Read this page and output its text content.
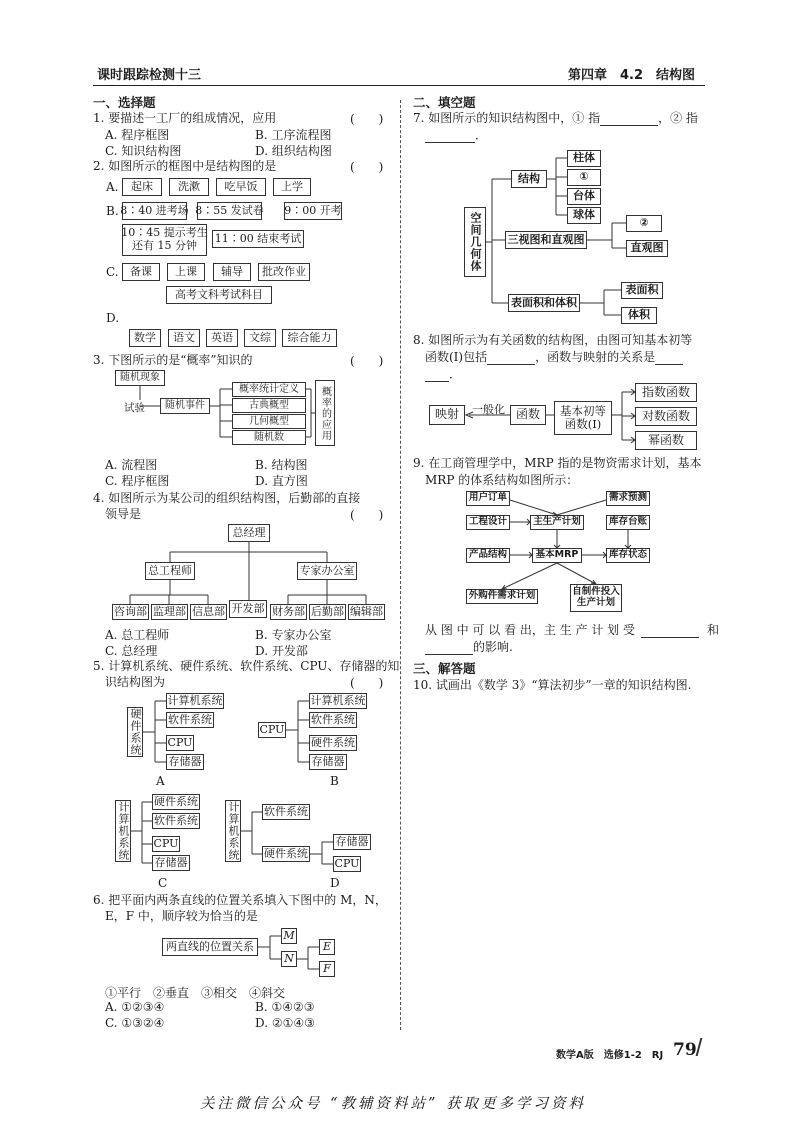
课时跟踪检测十三	第四章　4.2　结构图
一、选择题
1. 要描述一工厂的组成情况，应用	(　　)
A. 程序框图	B. 工序流程图
C. 知识结构图	D. 组织结构图
2. 如图所示的框图中是结构图的是	(　　)
A.	起床	洗漱	吃早饭	上学
B. 8∶40 进考场 8∶55 发试卷 9∶00 开考
10∶45 提示考生
还有 15 分钟
11∶00 结束考试
C.	备课	上课	辅导	批改作业
D.
高考文科考试科目
数学	语文	英语	文综	综合能力
3. 下图所示的是“概率”知识的	(　　)
随机现象
试验	随机事件
概率统计定义
古典概型
几何概型
随机数	概率的应用
A. 流程图	B. 结构图
C. 程序框图	D. 直方图
4. 如图所示为某公司的组织结构图，后勤部的直接
领导是	(　　)
总经理
总工程师	专家办公室
开发部
咨询部 监理部 信息部	财务部 后勤部 编辑部
A. 总工程师	B. 专家办公室
C. 总经理	D. 开发部
5. 计算机系统、硬件系统、软件系统、CPU、存储器的知
识结构图为	(　　)
硬件系统
计算机系统
软件系统
CPU
存储器
A
CPU
计算机系统
软件系统
硬件系统
存储器
B
计算机系统 硬件系统
软件系统
CPU
存储器
C
计算机系统 软件系统
硬件系统
存储器
CPU
D
6. 把平面内两条直线的位置关系填入下图中的 M，N，
E，F 中，顺序较为恰当的是
两直线的位置关系
M
N
E
F
①平行　②垂直　③相交　④斜交
A. ①②③④	B. ①④②③
C. ①③②④	D. ②①④③
二、填空题
7. 如图所示的知识结构图中，① 指	，② 指
．
空间几何体
结构
三视图和直观图
表面积和体积
柱体
①
台体
球体
②
直观图
表面积
体积
8. 如图所示为有关函数的结构图，由图可知基本初等
函数(Ⅰ)包括	，函数与映射的关系是
．
映射	一般化 函数	基本初等函数(Ⅰ)
指数函数
对数函数
幂函数
9. 在工商管理学中，MRP 指的是物资需求计划，基本
MRP 的体系结构如图所示：
用户订单	需求预测
工程设计	主生产计划	库存台账
产品结构	基本MRP	库存状态
外购件需求计划	自制件投入生产计划
从 图 中 可 以 看 出，主 生 产 计 划 受	和
的影响.
三、解答题
10. 试画出《数学 3》“算法初步”一章的知识结构图.
数学A版　选修1-2　RJ 79
关注微信公众号 “教辅资料站” 获取更多学习资料
